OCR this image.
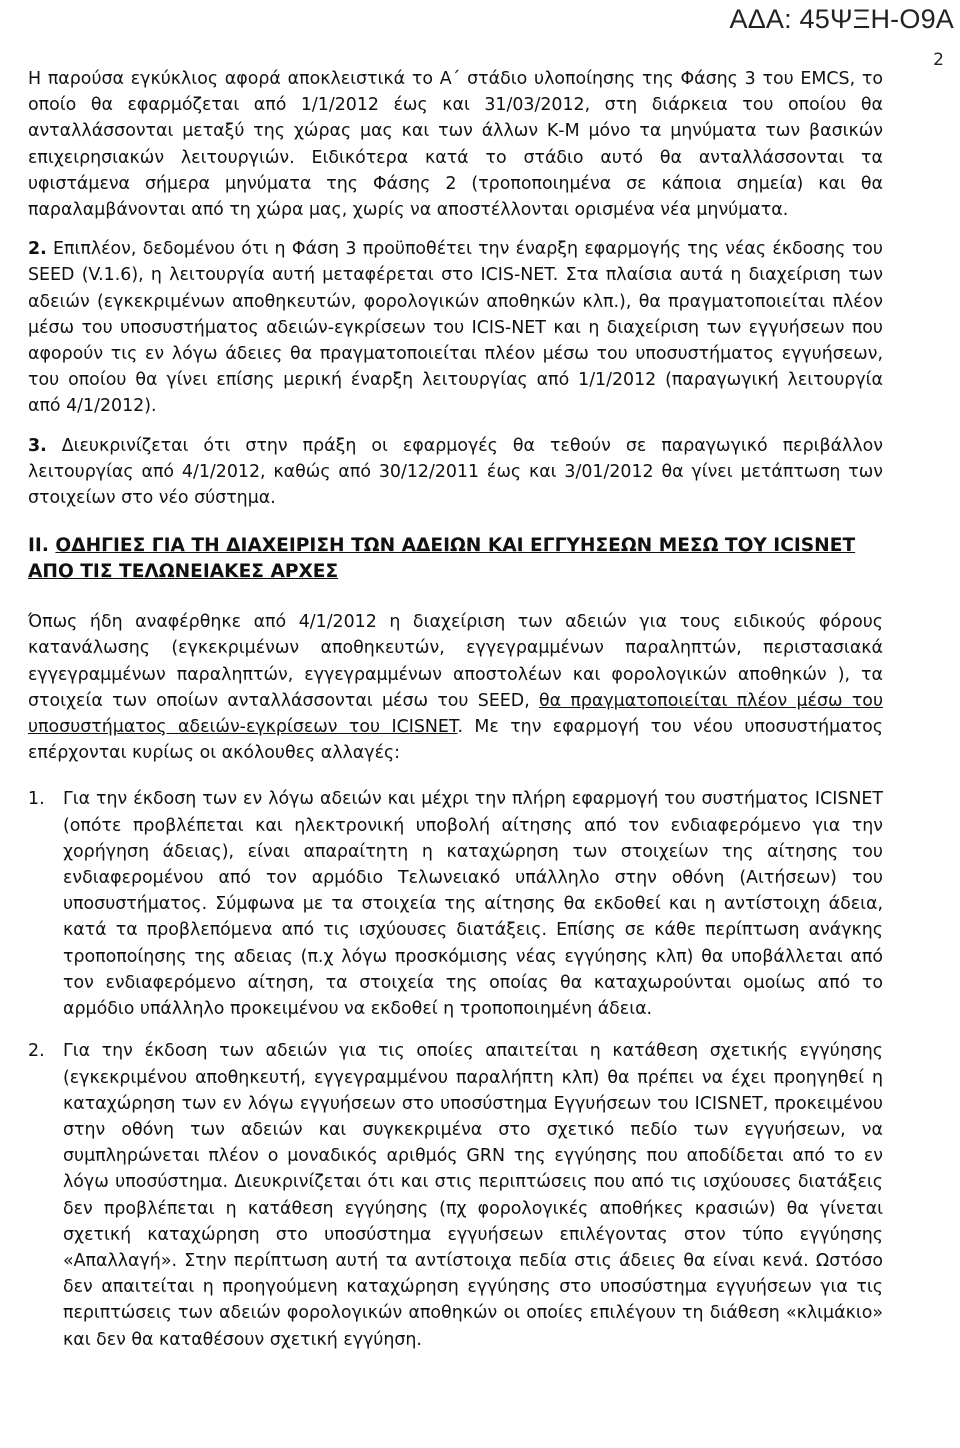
ΑΔΑ: 45ΨΞΗ-Ο9Α
2

Η παρούσα εγκύκλιος αφορά αποκλειστικά το Α΄ στάδιο υλοποίησης της Φάσης 3 του EMCS, το οποίο θα εφαρμόζεται από 1/1/2012 έως και 31/03/2012, στη διάρκεια του οποίου θα ανταλλάσσονται μεταξύ της χώρας μας και των άλλων Κ-Μ μόνο τα μηνύματα των βασικών επιχειρησιακών λειτουργιών. Ειδικότερα κατά το στάδιο αυτό θα ανταλλάσσονται τα υφιστάμενα σήμερα μηνύματα της Φάσης 2 (τροποποιημένα σε κάποια σημεία) και θα παραλαμβάνονται από τη χώρα μας, χωρίς να αποστέλλονται ορισμένα νέα μηνύματα.

2. Επιπλέον, δεδομένου ότι η Φάση 3 προϋποθέτει την έναρξη εφαρμογής της νέας έκδοσης του SEED (V.1.6), η λειτουργία αυτή μεταφέρεται στο ICIS-NET. Στα πλαίσια αυτά η διαχείριση των αδειών (εγκεκριμένων αποθηκευτών, φορολογικών αποθηκών κλπ.), θα πραγματοποιείται πλέον μέσω του υποσυστήματος αδειών-εγκρίσεων του ICIS-NET και η διαχείριση των εγγυήσεων που αφορούν τις εν λόγω άδειες θα πραγματοποιείται πλέον μέσω του υποσυστήματος εγγυήσεων, του οποίου θα γίνει επίσης μερική έναρξη λειτουργίας από 1/1/2012 (παραγωγική λειτουργία από 4/1/2012).

3. Διευκρινίζεται ότι στην πράξη οι εφαρμογές θα τεθούν σε παραγωγικό περιβάλλον λειτουργίας από 4/1/2012, καθώς από 30/12/2011 έως και 3/01/2012 θα γίνει μετάπτωση των στοιχείων στο νέο σύστημα.

ΙΙ. ΟΔΗΓΙΕΣ ΓΙΑ ΤΗ ΔΙΑΧΕΙΡΙΣΗ ΤΩΝ ΑΔΕΙΩΝ ΚΑΙ ΕΓΓΥΗΣΕΩΝ ΜΕΣΩ ΤΟΥ ICISNET ΑΠΟ ΤΙΣ ΤΕΛΩΝΕΙΑΚΕΣ ΑΡΧΕΣ

Όπως ήδη αναφέρθηκε από 4/1/2012 η διαχείριση των αδειών για τους ειδικούς φόρους κατανάλωσης (εγκεκριμένων αποθηκευτών, εγγεγραμμένων παραληπτών, περιστασιακά εγγεγραμμένων παραληπτών, εγγεγραμμένων αποστολέων και φορολογικών αποθηκών ), τα στοιχεία των οποίων ανταλλάσσονται μέσω του SEED, θα πραγματοποιείται πλέον μέσω του υποσυστήματος αδειών-εγκρίσεων του ICISNET. Με την εφαρμογή του νέου υποσυστήματος επέρχονται κυρίως οι ακόλουθες αλλαγές:

1.	Για την έκδοση των εν λόγω αδειών και μέχρι την πλήρη εφαρμογή του συστήματος ICISNET (οπότε προβλέπεται και ηλεκτρονική υποβολή αίτησης από τον ενδιαφερόμενο για την χορήγηση άδειας), είναι απαραίτητη η καταχώρηση των στοιχείων της αίτησης του ενδιαφερομένου από τον αρμόδιο Τελωνειακό υπάλληλο στην οθόνη (Αιτήσεων) του υποσυστήματος. Σύμφωνα με τα στοιχεία της αίτησης θα εκδοθεί και η αντίστοιχη άδεια, κατά τα προβλεπόμενα από τις ισχύουσες διατάξεις. Επίσης σε κάθε περίπτωση ανάγκης τροποποίησης της αδειας (π.χ λόγω προσκόμισης νέας εγγύησης κλπ) θα υποβάλλεται από τον ενδιαφερόμενο αίτηση, τα στοιχεία της οποίας θα καταχωρούνται ομοίως από το αρμόδιο υπάλληλο προκειμένου να εκδοθεί η τροποποιημένη άδεια.
2.	Για την έκδοση των αδειών για τις οποίες απαιτείται η κατάθεση σχετικής εγγύησης (εγκεκριμένου αποθηκευτή, εγγεγραμμένου παραλήπτη κλπ) θα πρέπει να έχει προηγηθεί η καταχώρηση των εν λόγω εγγυήσεων στο υποσύστημα Εγγυήσεων του ICISNET, προκειμένου στην οθόνη των αδειών και συγκεκριμένα στο σχετικό πεδίο των εγγυήσεων, να συμπληρώνεται πλέον ο μοναδικός αριθμός GRN της εγγύησης που αποδίδεται από το εν λόγω υποσύστημα. Διευκρινίζεται ότι και στις περιπτώσεις που από τις ισχύουσες διατάξεις δεν προβλέπεται η κατάθεση εγγύησης (πχ φορολογικές αποθήκες κρασιών) θα γίνεται σχετική καταχώρηση στο υποσύστημα εγγυήσεων επιλέγοντας στον τύπο εγγύησης «Απαλλαγή». Στην περίπτωση αυτή τα αντίστοιχα πεδία στις άδειες θα είναι κενά. Ωστόσο δεν απαιτείται η προηγούμενη καταχώρηση εγγύησης στο υποσύστημα εγγυήσεων για τις περιπτώσεις των αδειών φορολογικών αποθηκών οι οποίες επιλέγουν τη διάθεση «κλιμάκιο» και δεν θα καταθέσουν σχετική εγγύηση.
